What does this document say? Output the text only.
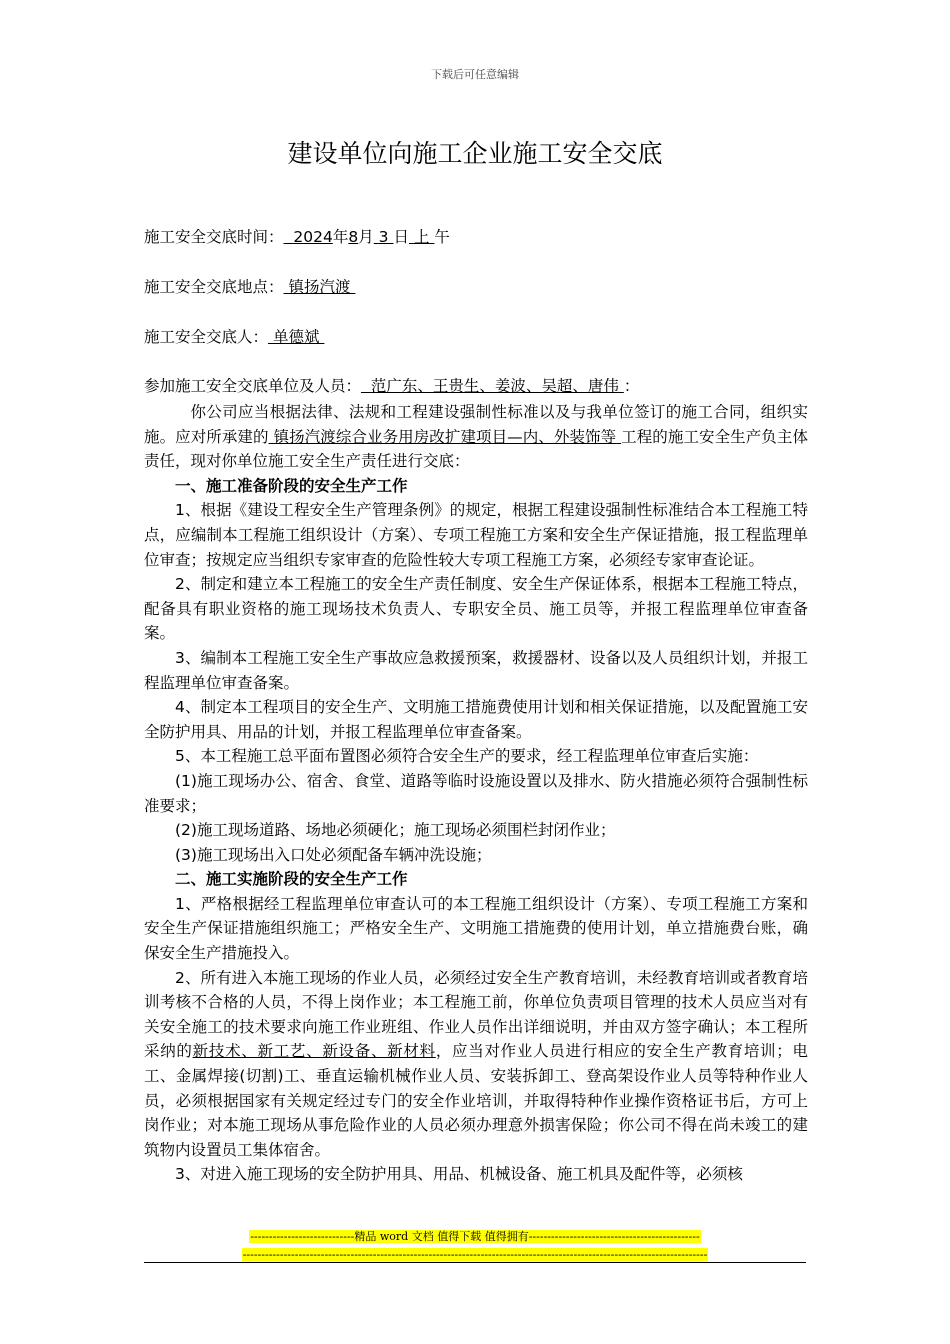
下载后可任意编辑
建设单位向施工企业施工安全交底
施工安全交底时间： 2024年8月 3 日 上 午
施工安全交底地点： 镇扬汽渡
施工安全交底人： 单德斌
参加施工安全交底单位及人员： 范广东、王贵生、姜波、吴超、唐伟 ：

你公司应当根据法律、法规和工程建设强制性标准以及与我单位签订的施工合同，组织实施。应对所承建的 镇扬汽渡综合业务用房改扩建项目—内、外装饰等 工程的施工安全生产负主体责任，现对你单位施工安全生产责任进行交底：

一、施工准备阶段的安全生产工作

1、根据《建设工程安全生产管理条例》的规定，根据工程建设强制性标准结合本工程施工特点，应编制本工程施工组织设计（方案）、专项工程施工方案和安全生产保证措施，报工程监理单位审查；按规定应当组织专家审查的危险性较大专项工程施工方案，必须经专家审查论证。

2、制定和建立本工程施工的安全生产责任制度、安全生产保证体系，根据本工程施工特点，配备具有职业资格的施工现场技术负责人、专职安全员、施工员等，并报工程监理单位审查备案。

3、编制本工程施工安全生产事故应急救援预案，救援器材、设备以及人员组织计划，并报工程监理单位审查备案。

4、制定本工程项目的安全生产、文明施工措施费使用计划和相关保证措施，以及配置施工安全防护用具、用品的计划，并报工程监理单位审查备案。

5、本工程施工总平面布置图必须符合安全生产的要求，经工程监理单位审查后实施：

(1)施工现场办公、宿舍、食堂、道路等临时设施设置以及排水、防火措施必须符合强制性标准要求；

(2)施工现场道路、场地必须硬化；施工现场必须围栏封闭作业；

(3)施工现场出入口处必须配备车辆冲洗设施；

二、施工实施阶段的安全生产工作

1、严格根据经工程监理单位审查认可的本工程施工组织设计（方案）、专项工程施工方案和安全生产保证措施组织施工；严格安全生产、文明施工措施费的使用计划，单立措施费台账，确保安全生产措施投入。

2、所有进入本施工现场的作业人员，必须经过安全生产教育培训，未经教育培训或者教育培训考核不合格的人员，不得上岗作业；本工程施工前，你单位负责项目管理的技术人员应当对有关安全施工的技术要求向施工作业班组、作业人员作出详细说明，并由双方签字确认；本工程所采纳的新技术、新工艺、新设备、新材料，应当对作业人员进行相应的安全生产教育培训；电工、金属焊接(切割)工、垂直运输机械作业人员、安装拆卸工、登高架设作业人员等特种作业人员，必须根据国家有关规定经过专门的安全作业培训，并取得特种作业操作资格证书后，方可上岗作业；对本施工现场从事危险作业的人员必须办理意外损害保险；你公司不得在尚未竣工的建筑物内设置员工集体宿舍。

3、对进入施工现场的安全防护用具、用品、机械设备、施工机具及配件等，必须核

----------------------------精品 word 文档 值得下载 值得拥有----------------------------------------------
-----------------------------------------------------------------------------------------------------------------------------
